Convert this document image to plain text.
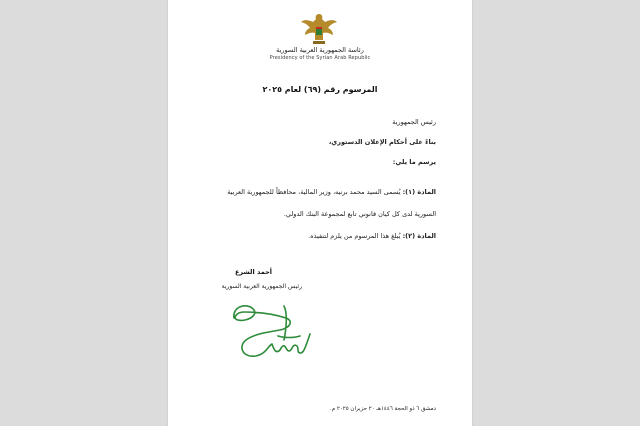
رئاسة الجمهورية العربية السورية
Presidency of the Syrian Arab Republic
المرسوم رقم (٦٩) لعام ٢٠٢٥
رئيس الجمهورية
بناءً على أحكام الإعلان الدستوري،
يرسم ما يلي:
المادة (١): يُسمى السيد محمد برنيه، وزير المالية، محافظاً للجمهورية العربية
السورية لدى كل كيان قانوني تابع لمجموعة البنك الدولي.
المادة (٢): يُبلغ هذا المرسوم من يلزم لتنفيذه.
أحمد الشرع
رئيس الجمهورية العربية السورية
دمشق ٦ ذو الحجة ١٤٤٦هـ ٢٠ حزيران ٢٠٢٥ م.
